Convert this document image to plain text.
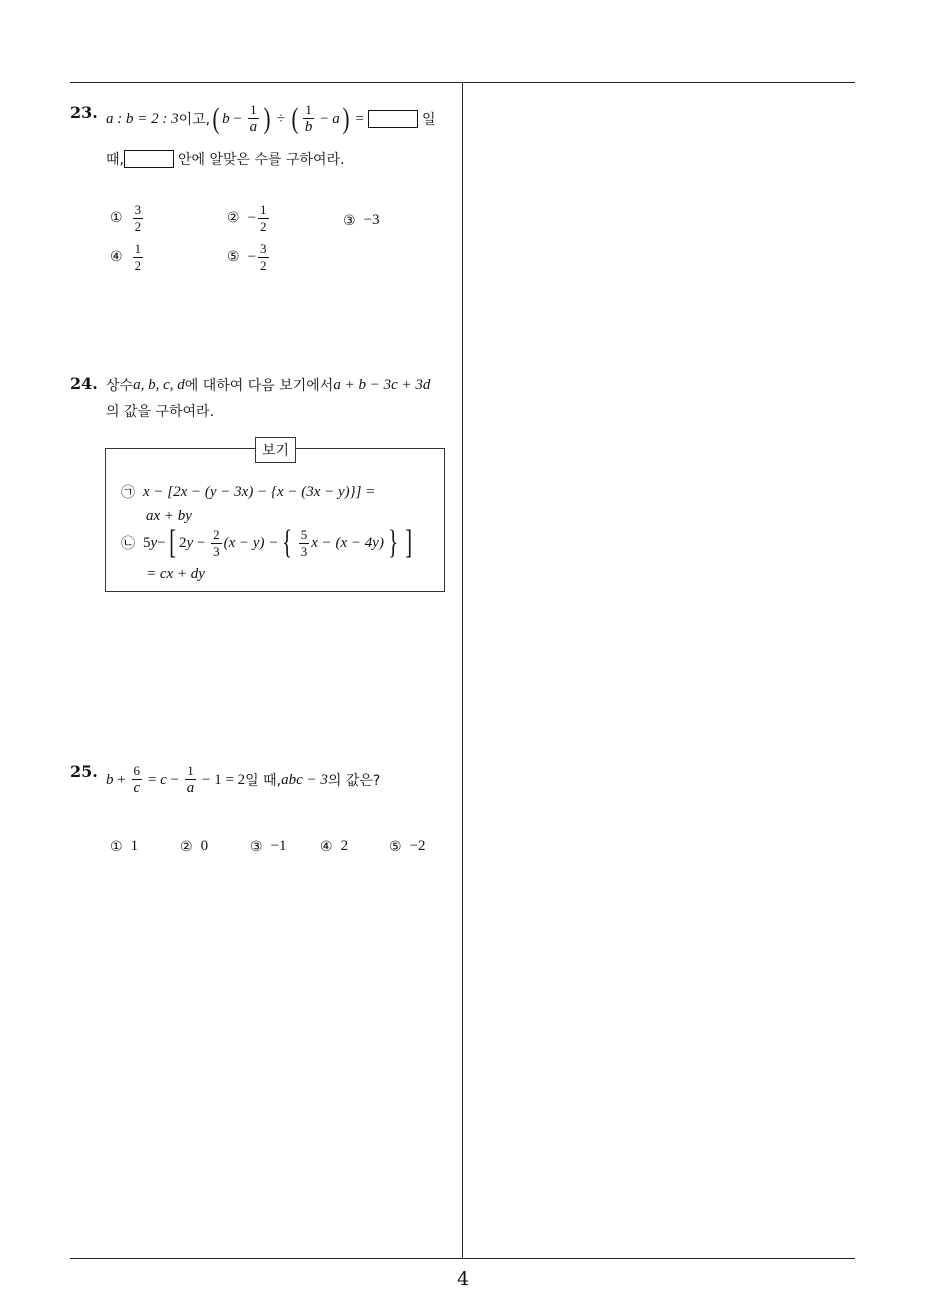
4
23. a : b = 2 : 3 이고, ( $b - \frac{1}{a}$ ) ÷ ( $\frac{1}{b} - a$ ) =	일
때,	안에 알맞은 수를 구하여라.
① $\frac{3}{2}$	② − $\frac{1}{2}$	③ −3
④ $\frac{1}{2}$	⑤ − $\frac{3}{2}$
24. 상수 a, b, c, d 에 대하여 다음 보기에서 a + b − 3c + 3d
의 값을 구하여라.
보기
㉠ x − [2x − (y − 3x) − {x − (3x − y)}] =
ax + by
㉡ 5 y − [ 2 $y - \frac{2}{3} (x - y)$ − { $\frac{5}{3}$ x − (x − 4y) } ]
= cx + dy
25. $b + \frac{6}{c} = c - \frac{1}{a} - 1 = 2$ 일 때, abc − 3 의 값은?
① 1	② 0	③ −1 ④ 2	⑤ −2
